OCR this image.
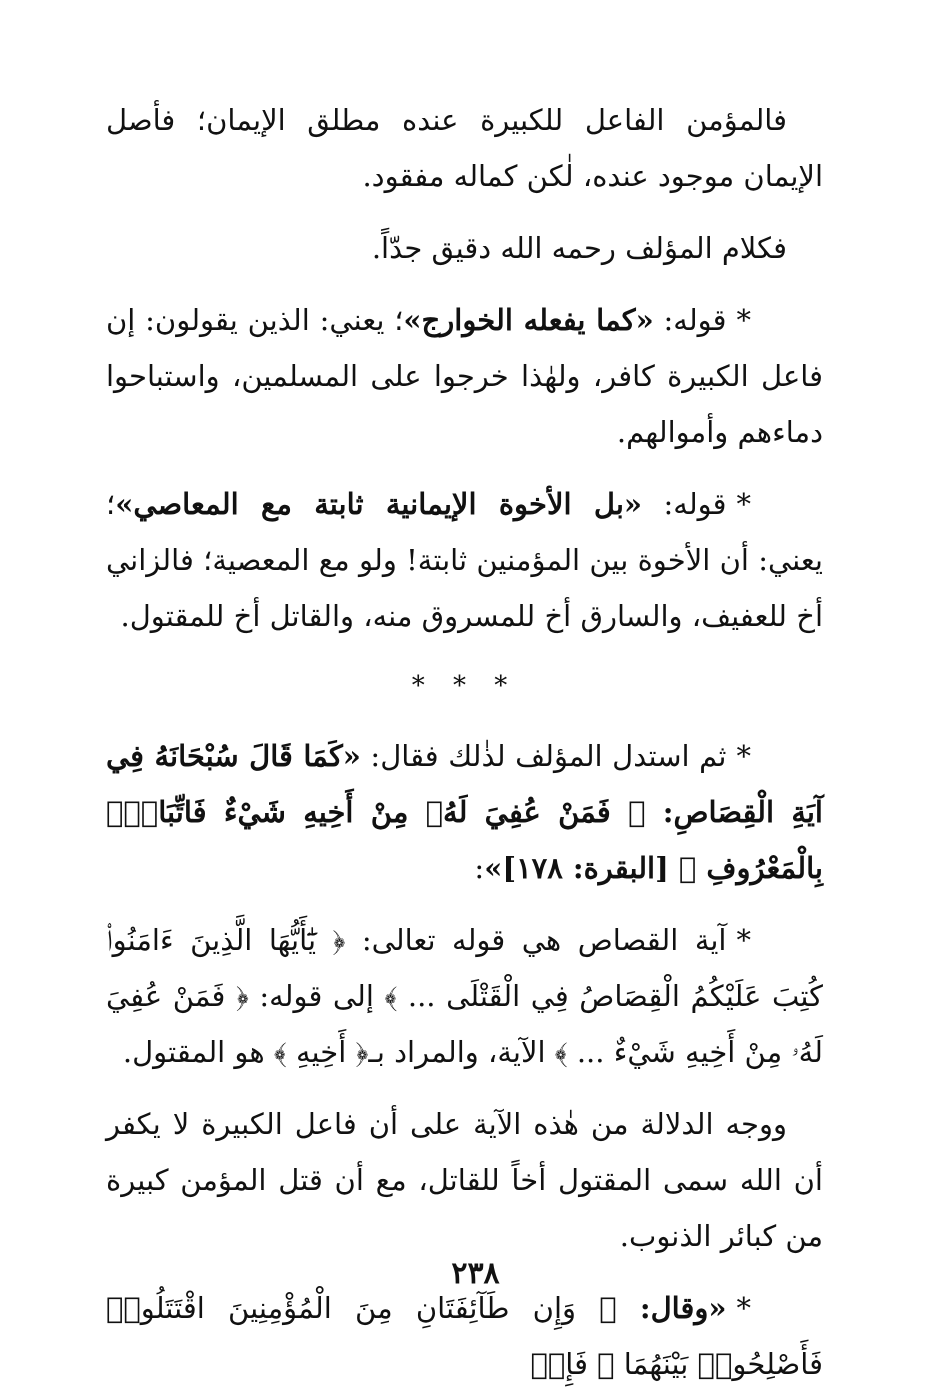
فالمؤمن الفاعل للكبيرة عنده مطلق الإيمان؛ فأصل الإيمان موجود عنده، لٰكن كماله مفقود.

فكلام المؤلف رحمه الله دقيق جدّاً.

*قوله: «كما يفعله الخوارج»؛ يعني: الذين يقولون: إن فاعل الكبيرة كافر، ولهٰذا خرجوا على المسلمين، واستباحوا دماءهم وأموالهم.

*قوله: «بل الأخوة الإيمانية ثابتة مع المعاصي»؛ يعني: أن الأخوة بين المؤمنين ثابتة! ولو مع المعصية؛ فالزاني أخ للعفيف، والسارق أخ للمسروق منه، والقاتل أخ للمقتول.

* * *

*ثم استدل المؤلف لذٰلك فقال: «كَمَا قَالَ سُبْحَانَهُ فِي آيَةِ الْقِصَاصِ: ﴿ فَمَنْ عُفِيَ لَهُۥ مِنْ أَخِيهِ شَيْءٌ فَاتِّبَاعٌۢ بِالْمَعْرُوفِ ﴾ [البقرة: ١٧٨]»:

*آية القصاص هي قوله تعالى: ﴿ يَٰٓأَيُّهَا الَّذِينَ ءَامَنُوا۟ كُتِبَ عَلَيْكُمُ الْقِصَاصُ فِي الْقَتْلَى ... ﴾ إلى قوله: ﴿ فَمَنْ عُفِيَ لَهُۥ مِنْ أَخِيهِ شَيْءٌ ... ﴾ الآية، والمراد بـ﴿ أَخِيهِ ﴾ هو المقتول.

ووجه الدلالة من هٰذه الآية على أن فاعل الكبيرة لا يكفر أن الله سمى المقتول أخاً للقاتل، مع أن قتل المؤمن كبيرة من كبائر الذنوب.

*«وقال: ﴿ وَإِن طَآئِفَتَانِ مِنَ الْمُؤْمِنِينَ اقْتَتَلُوا۟ فَأَصْلِحُوا۟ بَيْنَهُمَا ۖ فَإِنۢ

٢٣٨
